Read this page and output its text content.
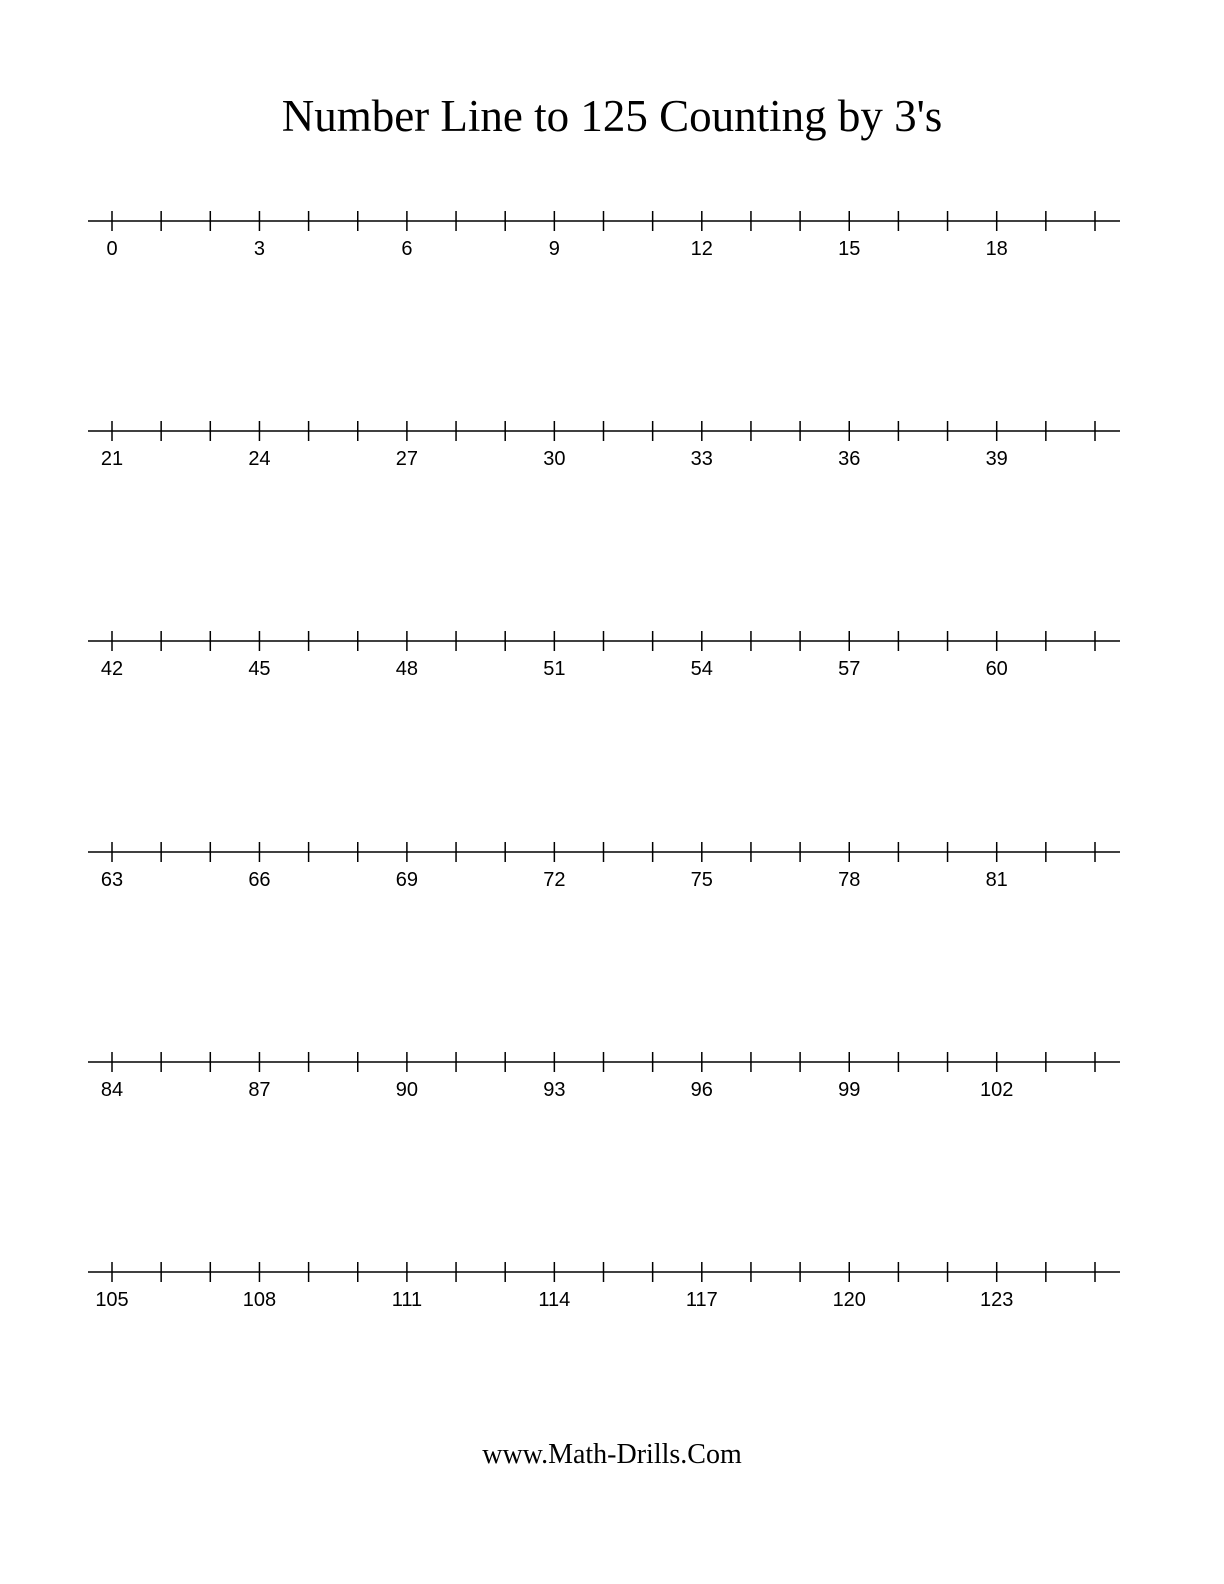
Number Line to 125 Counting by 3's
0	3	6	9	12	15	18
21	24	27	30	33	36	39
42	45	48	51	54	57	60
63	66	69	72	75	78	81
84	87	90	93	96	99	102
105	108	111	114	117	120	123
www.Math-Drills.Com
